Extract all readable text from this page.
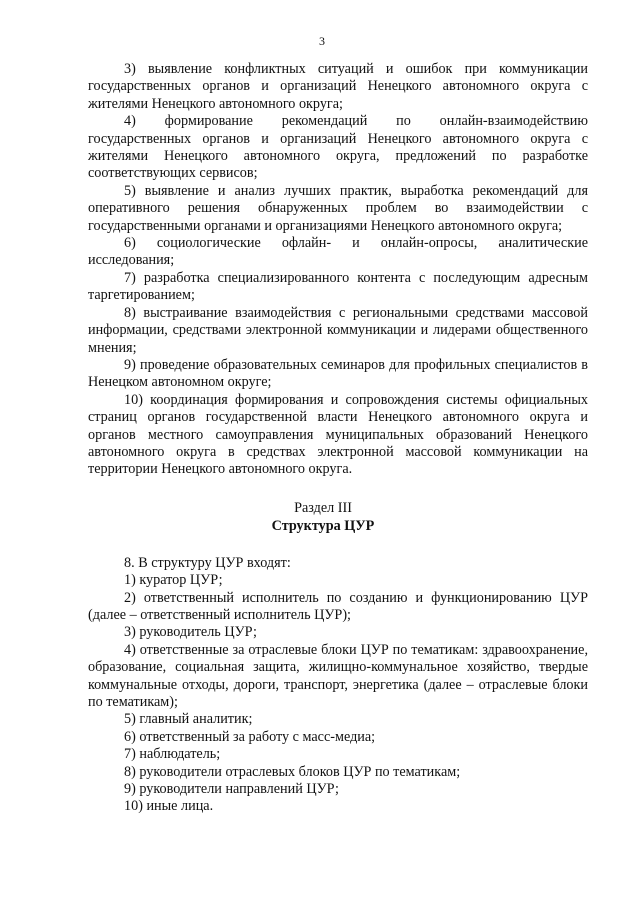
3

3) выявление конфликтных ситуаций и ошибок при коммуникации государственных органов и организаций Ненецкого автономного округа с жителями Ненецкого автономного округа;

4) формирование рекомендаций по онлайн-взаимодействию государственных органов и организаций Ненецкого автономного округа с жителями Ненецкого автономного округа, предложений по разработке соответствующих сервисов;

5) выявление и анализ лучших практик, выработка рекомендаций для оперативного решения обнаруженных проблем во взаимодействии с государственными органами и организациями Ненецкого автономного округа;

6) социологические офлайн- и онлайн-опросы, аналитические исследования;

7) разработка специализированного контента с последующим адресным таргетированием;

8) выстраивание взаимодействия с региональными средствами массовой информации, средствами электронной коммуникации и лидерами общественного мнения;

9) проведение образовательных семинаров для профильных специалистов в Ненецком автономном округе;

10) координация формирования и сопровождения системы официальных страниц органов государственной власти Ненецкого автономного округа и органов местного самоуправления муниципальных образований Ненецкого автономного округа в средствах электронной массовой коммуникации на территории Ненецкого автономного округа.

Раздел III

Структура ЦУР

8. В структуру ЦУР входят:

1) куратор ЦУР;

2) ответственный исполнитель по созданию и функционированию ЦУР (далее – ответственный исполнитель ЦУР);

3) руководитель ЦУР;

4) ответственные за отраслевые блоки ЦУР по тематикам: здравоохранение, образование, социальная защита, жилищно-коммунальное хозяйство, твердые коммунальные отходы, дороги, транспорт, энергетика (далее – отраслевые блоки по тематикам);

5) главный аналитик;

6) ответственный за работу с масс-медиа;

7) наблюдатель;

8) руководители отраслевых блоков ЦУР по тематикам;

9) руководители направлений ЦУР;

10) иные лица.
